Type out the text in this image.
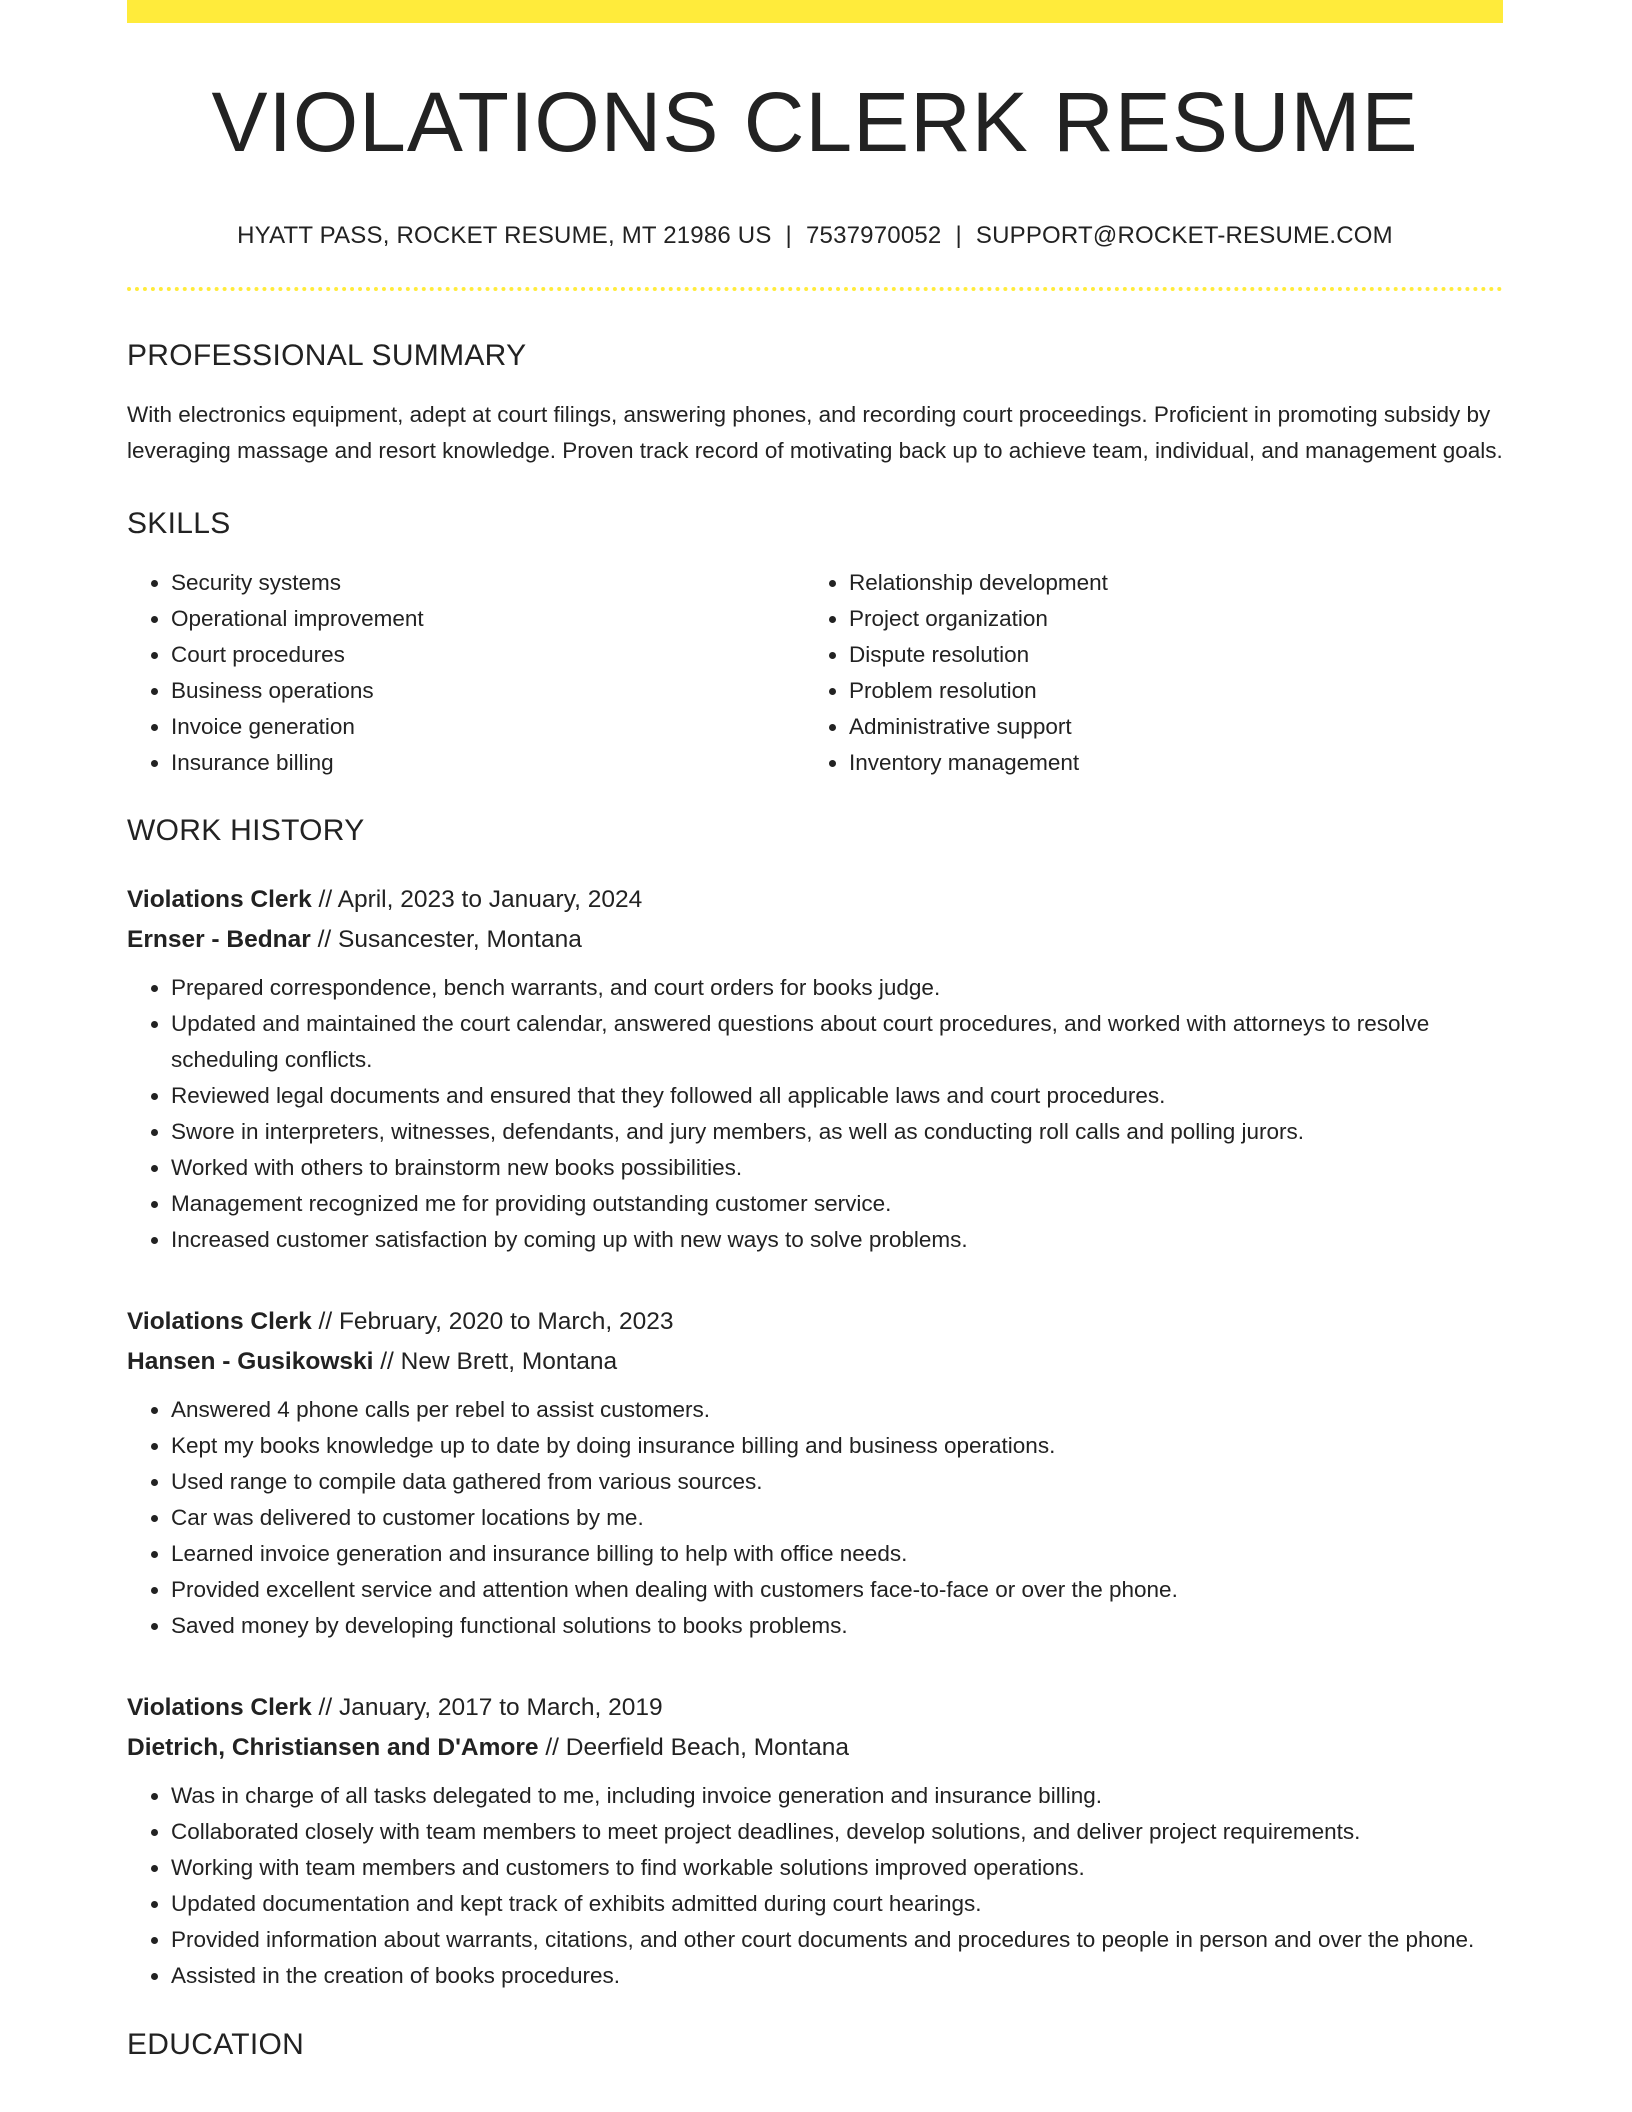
VIOLATIONS CLERK RESUME
HYATT PASS, ROCKET RESUME, MT 21986 US | 7537970052 | SUPPORT@ROCKET-RESUME.COM
PROFESSIONAL SUMMARY
With electronics equipment, adept at court filings, answering phones, and recording court proceedings. Proficient in promoting subsidy by leveraging massage and resort knowledge. Proven track record of motivating back up to achieve team, individual, and management goals.
SKILLS
• Security systems
• Operational improvement
• Court procedures
• Business operations
• Invoice generation
• Insurance billing
• Relationship development
• Project organization
• Dispute resolution
• Problem resolution
• Administrative support
• Inventory management
WORK HISTORY
Violations Clerk // April, 2023 to January, 2024
Ernser - Bednar // Susancester, Montana
• Prepared correspondence, bench warrants, and court orders for books judge.
• Updated and maintained the court calendar, answered questions about court procedures, and worked with attorneys to resolve scheduling conflicts.
• Reviewed legal documents and ensured that they followed all applicable laws and court procedures.
• Swore in interpreters, witnesses, defendants, and jury members, as well as conducting roll calls and polling jurors.
• Worked with others to brainstorm new books possibilities.
• Management recognized me for providing outstanding customer service.
• Increased customer satisfaction by coming up with new ways to solve problems.
Violations Clerk // February, 2020 to March, 2023
Hansen - Gusikowski // New Brett, Montana
• Answered 4 phone calls per rebel to assist customers.
• Kept my books knowledge up to date by doing insurance billing and business operations.
• Used range to compile data gathered from various sources.
• Car was delivered to customer locations by me.
• Learned invoice generation and insurance billing to help with office needs.
• Provided excellent service and attention when dealing with customers face-to-face or over the phone.
• Saved money by developing functional solutions to books problems.
Violations Clerk // January, 2017 to March, 2019
Dietrich, Christiansen and D'Amore // Deerfield Beach, Montana
• Was in charge of all tasks delegated to me, including invoice generation and insurance billing.
• Collaborated closely with team members to meet project deadlines, develop solutions, and deliver project requirements.
• Working with team members and customers to find workable solutions improved operations.
• Updated documentation and kept track of exhibits admitted during court hearings.
• Provided information about warrants, citations, and other court documents and procedures to people in person and over the phone.
• Assisted in the creation of books procedures.
EDUCATION
